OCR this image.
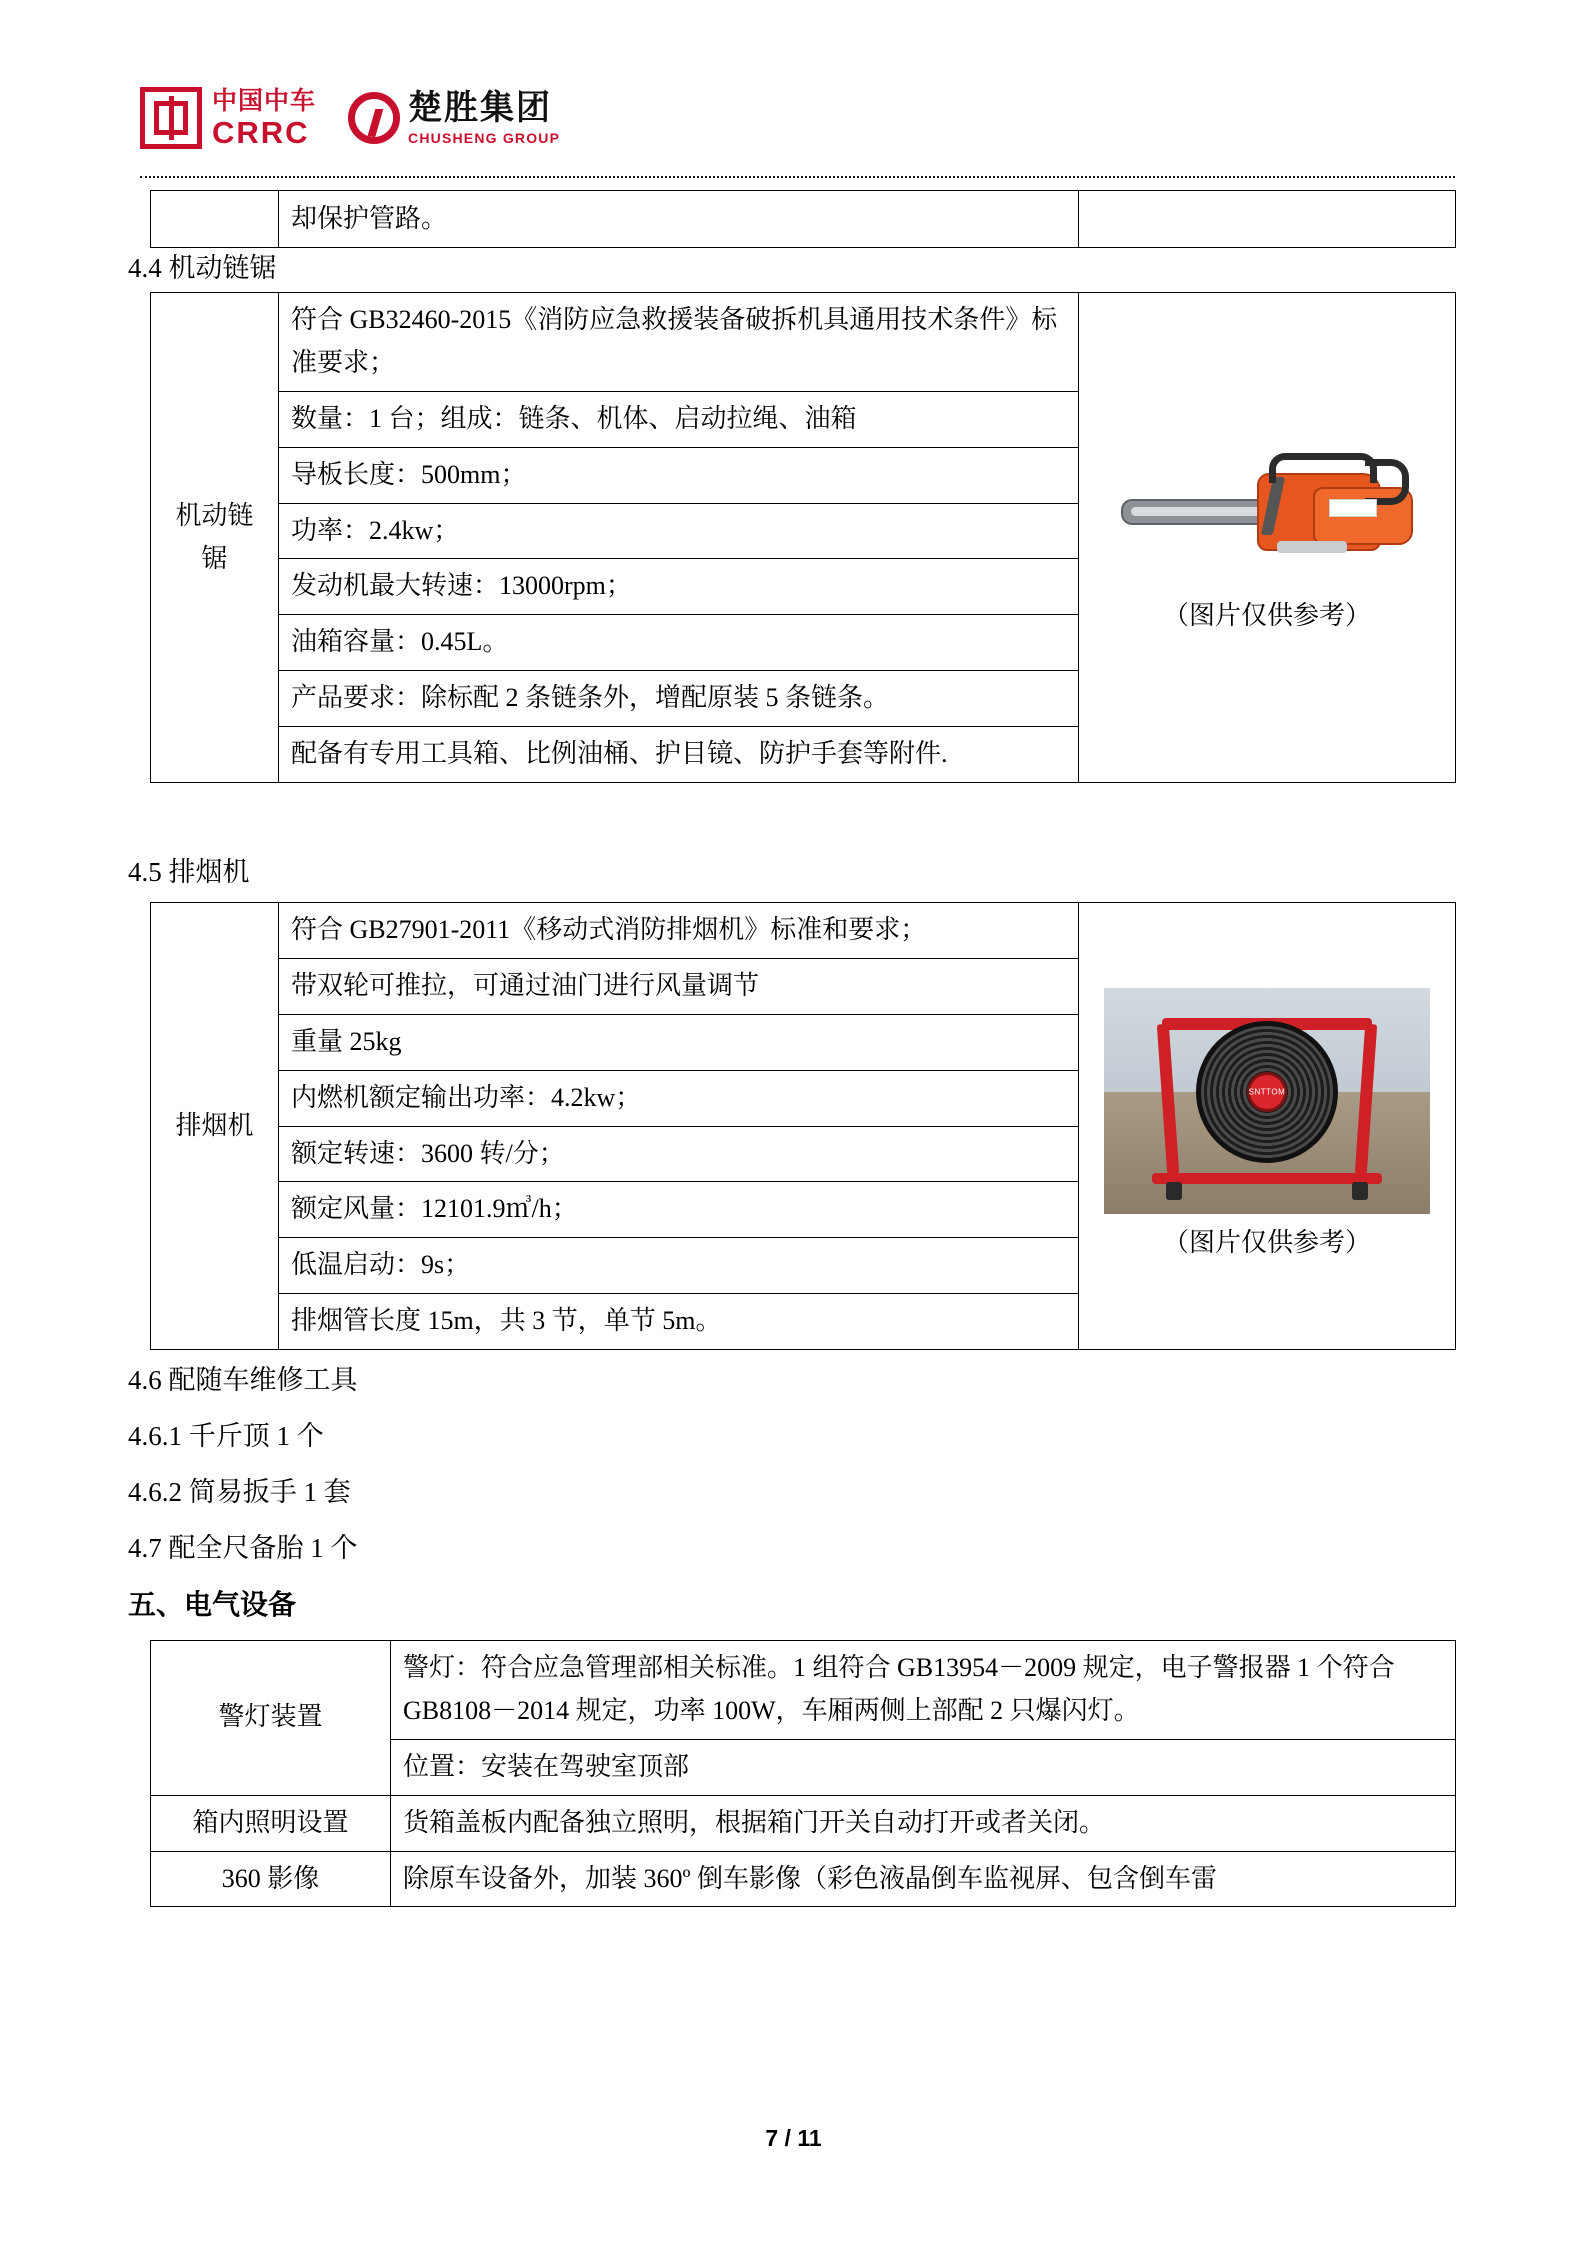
中国中车
CRRC
楚胜集团
CHUSHENG GROUP
	却保护管路。	
4.4 机动链锯
机动链锯	符合 GB32460-2015《消防应急救援装备破拆机具通用技术条件》标准要求；	
（图片仅供参考）

数量：1 台；组成：链条、机体、启动拉绳、油箱
导板长度：500mm；
功率：2.4kw；
发动机最大转速：13000rpm；
油箱容量：0.45L。
产品要求：除标配 2 条链条外，增配原装 5 条链条。
配备有专用工具箱、比例油桶、护目镜、防护手套等附件.
4.5 排烟机
排烟机	符合 GB27901-2011《移动式消防排烟机》标准和要求；	
SNTTOM
（图片仅供参考）

带双轮可推拉，可通过油门进行风量调节
重量 25kg
内燃机额定输出功率：4.2kw；
额定转速：3600 转/分；
额定风量：12101.9㎥/h；
低温启动：9s；
排烟管长度 15m，共 3 节，单节 5m。
4.6 配随车维修工具
4.6.1 千斤顶 1 个
4.6.2 简易扳手 1 套
4.7 配全尺备胎 1 个
五、电气设备
警灯装置	警灯：符合应急管理部相关标准。1 组符合 GB13954－2009 规定，电子警报器 1 个符合 GB8108－2014 规定，功率 100W，车厢两侧上部配 2 只爆闪灯。
	位置：安装在驾驶室顶部
箱内照明设置	货箱盖板内配备独立照明，根据箱门开关自动打开或者关闭。
360 影像	除原车设备外，加装 360º 倒车影像（彩色液晶倒车监视屏、包含倒车雷
7 / 11
